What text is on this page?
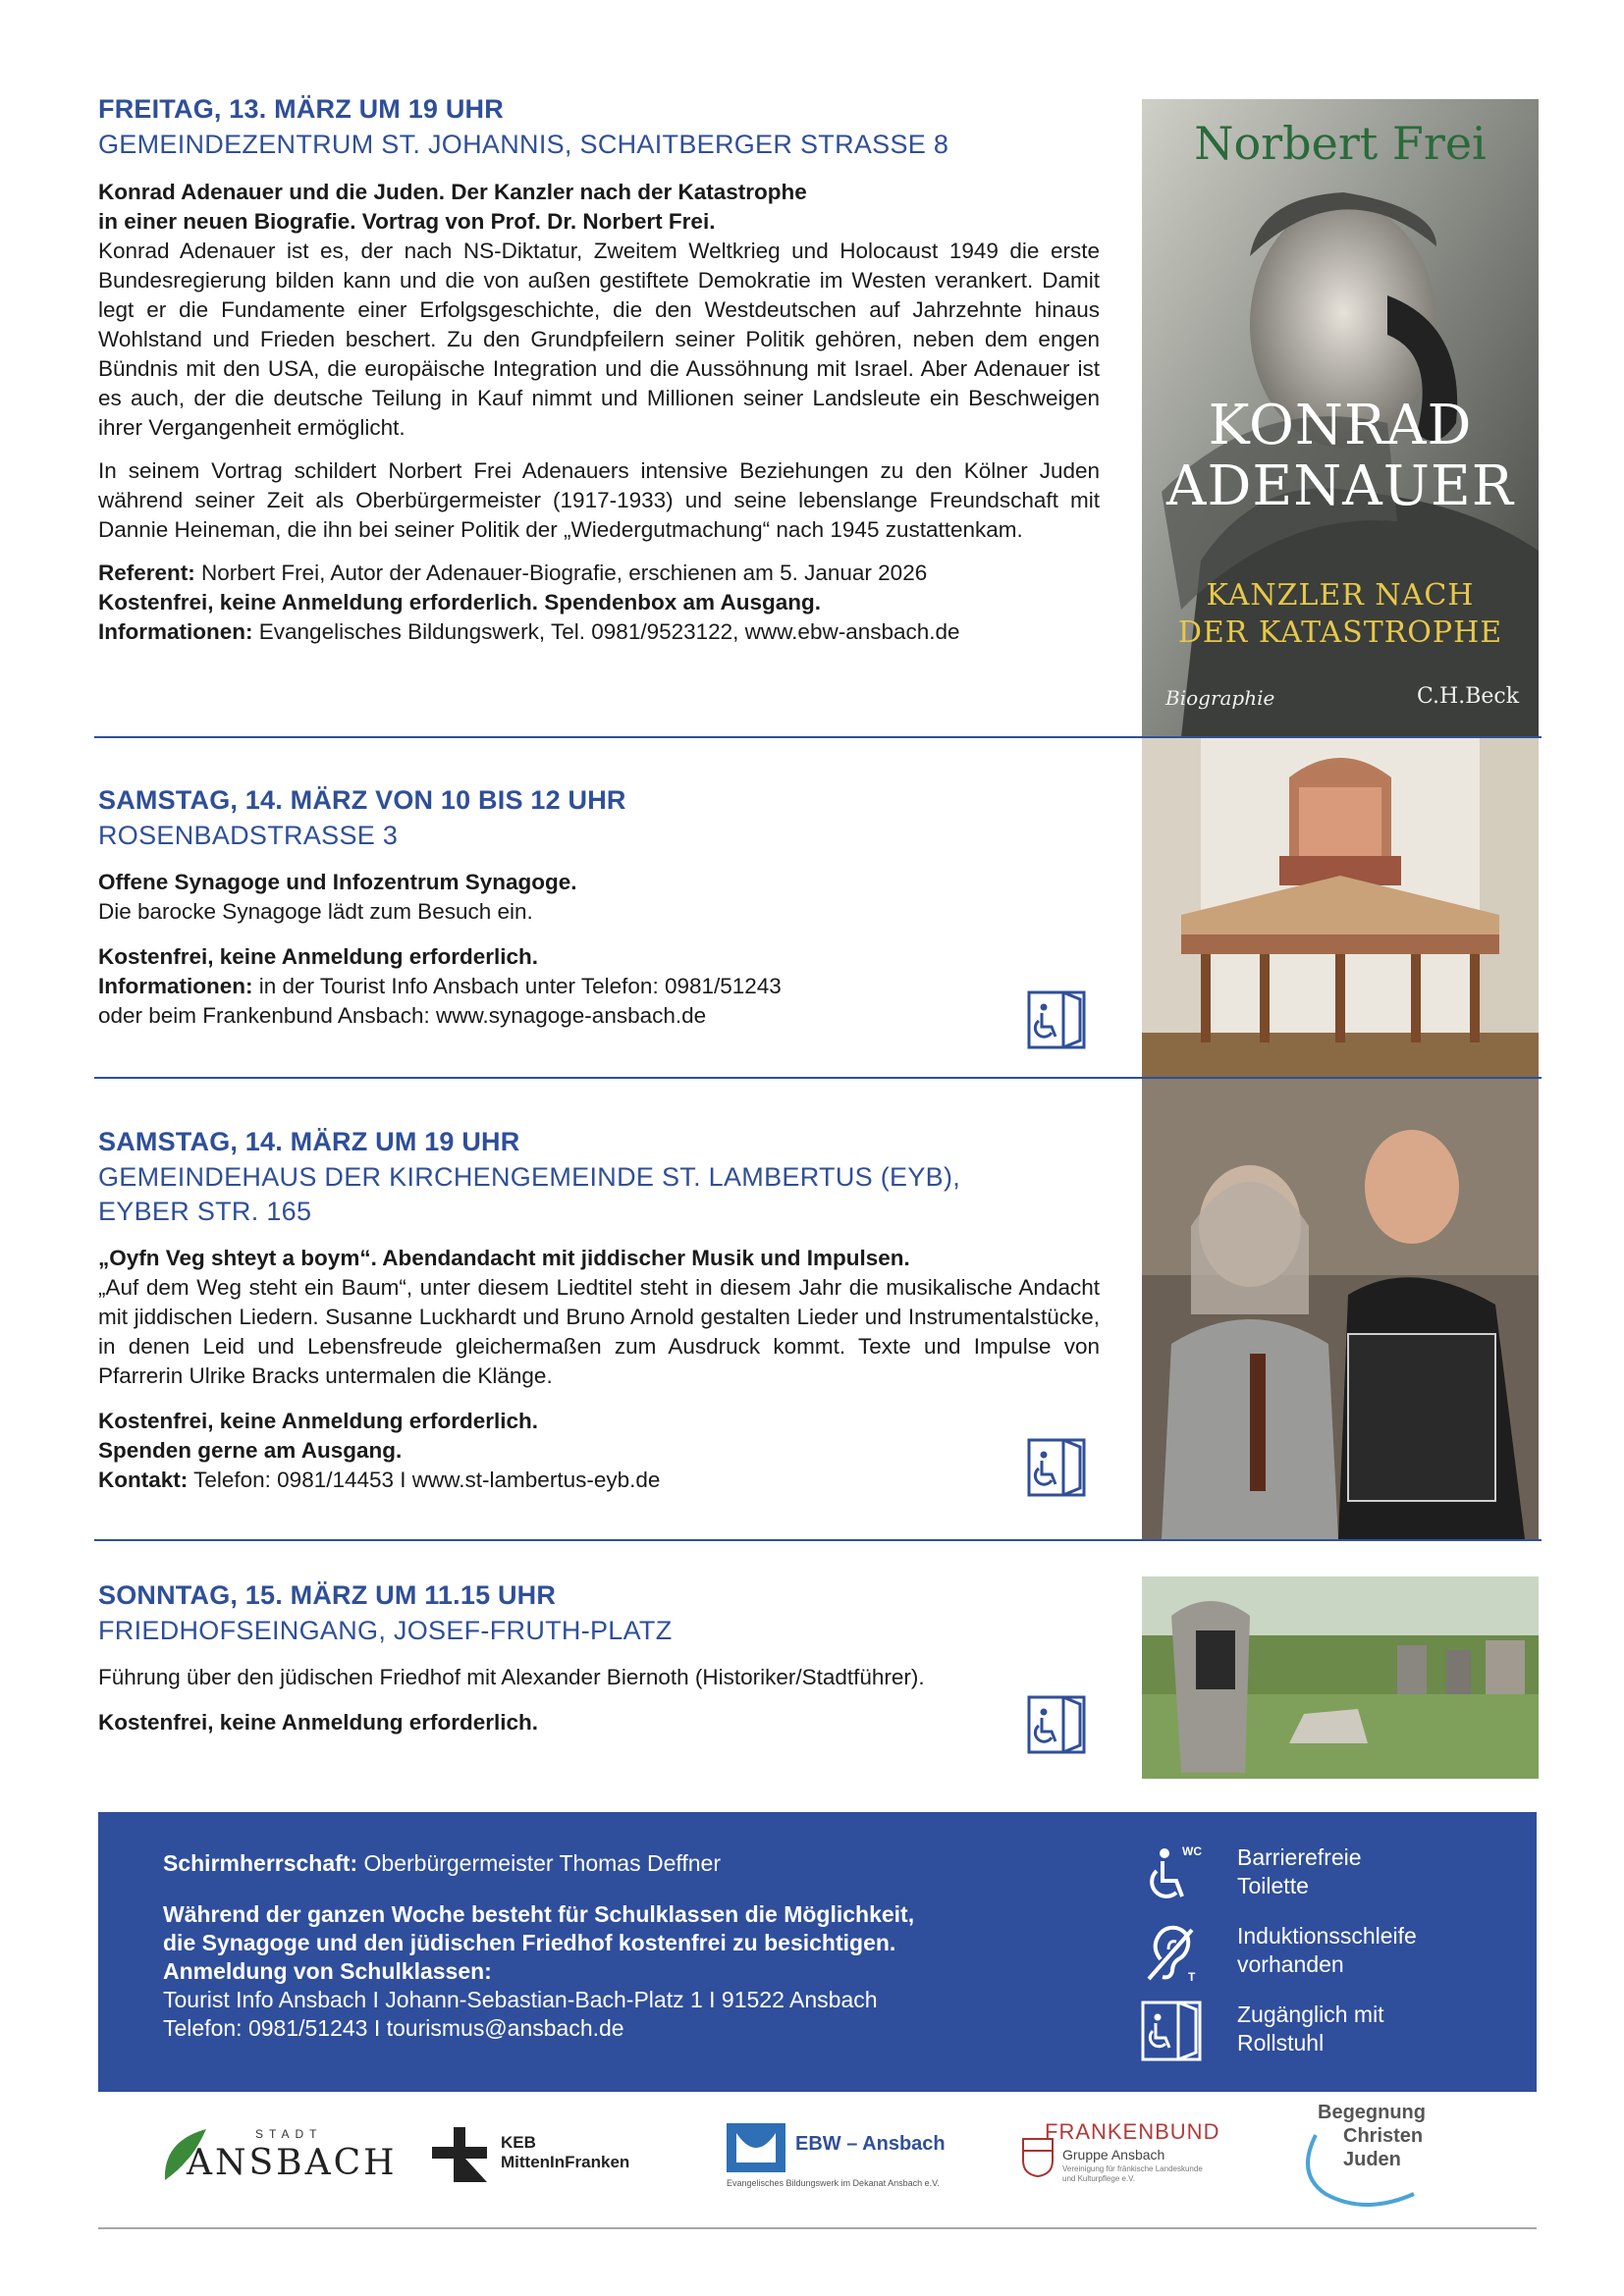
FREITAG, 13. MÄRZ UM 19 UHR
GEMEINDEZENTRUM ST. JOHANNIS, SCHAITBERGER STRASSE 8
Konrad Adenauer und die Juden. Der Kanzler nach der Katastrophe
in einer neuen Biografie. Vortrag von Prof. Dr. Norbert Frei.
Konrad Adenauer ist es, der nach NS-Diktatur, Zweitem Weltkrieg und Holocaust 1949 die erste Bundesregierung bilden kann und die von außen gestiftete Demokratie im Westen verankert. Damit legt er die Fundamente einer Erfolgsgeschichte, die den Westdeutschen auf Jahrzehnte hinaus Wohlstand und Frieden beschert. Zu den Grundpfeilern seiner Politik gehören, neben dem engen Bündnis mit den USA, die europäische Integration und die Aussöhnung mit Israel. Aber Adenauer ist es auch, der die deutsche Teilung in Kauf nimmt und Millionen seiner Landsleute ein Beschweigen ihrer Vergangenheit ermöglicht.
In seinem Vortrag schildert Norbert Frei Adenauers intensive Beziehungen zu den Kölner Juden während seiner Zeit als Oberbürgermeister (1917-1933) und seine lebenslange Freundschaft mit Dannie Heineman, die ihn bei seiner Politik der „Wiedergutmachung“ nach 1945 zustattenkam.
Referent: Norbert Frei, Autor der Adenauer-Biografie, erschienen am 5. Januar 2026
Kostenfrei, keine Anmeldung erforderlich. Spendenbox am Ausgang.
Informationen: Evangelisches Bildungswerk, Tel. 0981/9523122, www.ebw-ansbach.de
Norbert Frei
KONRAD
ADENAUER
KANZLER NACH
DER KATASTROPHE
Biographie	C.H.Beck
SAMSTAG, 14. MÄRZ VON 10 BIS 12 UHR
ROSENBADSTRASSE 3
Offene Synagoge und Infozentrum Synagoge.
Die barocke Synagoge lädt zum Besuch ein.
Kostenfrei, keine Anmeldung erforderlich.
Informationen: in der Tourist Info Ansbach unter Telefon: 0981/51243
oder beim Frankenbund Ansbach: www.synagoge-ansbach.de
SAMSTAG, 14. MÄRZ UM 19 UHR
GEMEINDEHAUS DER KIRCHENGEMEINDE ST. LAMBERTUS (EYB),
EYBER STR. 165
„Oyfn Veg shteyt a boym“. Abendandacht mit jiddischer Musik und Impulsen.
„Auf dem Weg steht ein Baum“, unter diesem Liedtitel steht in diesem Jahr die musikalische Andacht mit jiddischen Liedern. Susanne Luckhardt und Bruno Arnold gestalten Lieder und Instrumentalstücke, in denen Leid und Lebensfreude gleichermaßen zum Ausdruck kommt. Texte und Impulse von Pfarrerin Ulrike Bracks untermalen die Klänge.
Kostenfrei, keine Anmeldung erforderlich.
Spenden gerne am Ausgang.
Kontakt: Telefon: 0981/14453 I www.st-lambertus-eyb.de
SONNTAG, 15. MÄRZ UM 11.15 UHR
FRIEDHOFSEINGANG, JOSEF-FRUTH-PLATZ
Führung über den jüdischen Friedhof mit Alexander Biernoth (Historiker/Stadtführer).
Kostenfrei, keine Anmeldung erforderlich.
Schirmherrschaft: Oberbürgermeister Thomas Deffner
Während der ganzen Woche besteht für Schulklassen die Möglichkeit,
die Synagoge und den jüdischen Friedhof kostenfrei zu besichtigen.
Anmeldung von Schulklassen:
Tourist Info Ansbach I Johann-Sebastian-Bach-Platz 1 I 91522 Ansbach
Telefon: 0981/51243 I tourismus@ansbach.de
WC Barrierefreie
Toilette
T
Induktionsschleife
vorhanden
Zugänglich mit
Rollstuhl
STADT
ANSBACH
KEB
MittenInFranken
EBW – Ansbach
Evangelisches Bildungswerk im Dekanat Ansbach e.V.
FRANKENBUND
Gruppe Ansbach
Vereinigung für fränkische Landeskunde
und Kulturpflege e.V.
Begegnung
Christen
Juden
